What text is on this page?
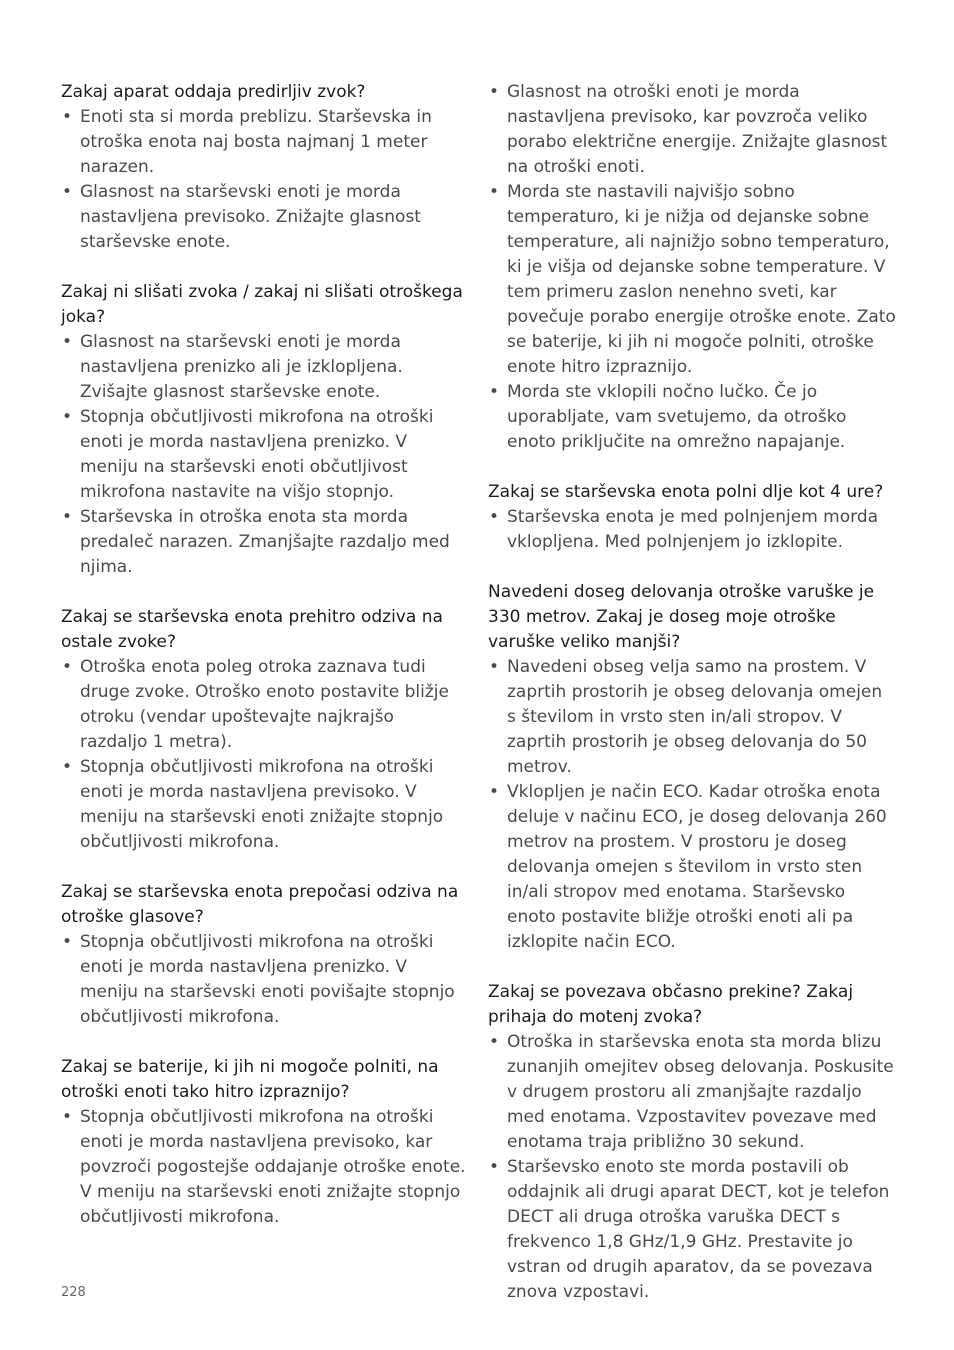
Zakaj aparat oddaja predirljiv zvok?
• Enoti sta si morda preblizu. Starševska in otroška enota naj bosta najmanj 1 meter narazen.
• Glasnost na starševski enoti je morda nastavljena previsoko. Znižajte glasnost starševske enote.
Zakaj ni slišati zvoka / zakaj ni slišati otroškega joka?
• Glasnost na starševski enoti je morda nastavljena prenizko ali je izklopljena. Zvišajte glasnost starševske enote.
• Stopnja občutljivosti mikrofona na otroški enoti je morda nastavljena prenizko. V meniju na starševski enoti občutljivost mikrofona nastavite na višjo stopnjo.
• Starševska in otroška enota sta morda predaleč narazen. Zmanjšajte razdaljo med njima.
Zakaj se starševska enota prehitro odziva na ostale zvoke?
• Otroška enota poleg otroka zaznava tudi druge zvoke. Otroško enoto postavite bližje otroku (vendar upoštevajte najkrajšo razdaljo 1 metra).
• Stopnja občutljivosti mikrofona na otroški enoti je morda nastavljena previsoko. V meniju na starševski enoti znižajte stopnjo občutljivosti mikrofona.
Zakaj se starševska enota prepočasi odziva na otroške glasove?
• Stopnja občutljivosti mikrofona na otroški enoti je morda nastavljena prenizko. V meniju na starševski enoti povišajte stopnjo občutljivosti mikrofona.
Zakaj se baterije, ki jih ni mogoče polniti, na otroški enoti tako hitro izpraznijo?
• Stopnja občutljivosti mikrofona na otroški enoti je morda nastavljena previsoko, kar povzroči pogostejše oddajanje otroške enote. V meniju na starševski enoti znižajte stopnjo občutljivosti mikrofona.
• Glasnost na otroški enoti je morda nastavljena previsoko, kar povzroča veliko porabo električne energije. Znižajte glasnost na otroški enoti.
• Morda ste nastavili najvišjo sobno temperaturo, ki je nižja od dejanske sobne temperature, ali najnižjo sobno temperaturo, ki je višja od dejanske sobne temperature. V tem primeru zaslon nenehno sveti, kar povečuje porabo energije otroške enote. Zato se baterije, ki jih ni mogoče polniti, otroške enote hitro izpraznijo.
• Morda ste vklopili nočno lučko. Če jo uporabljate, vam svetujemo, da otroško enoto priključite na omrežno napajanje.
Zakaj se starševska enota polni dlje kot 4 ure?
• Starševska enota je med polnjenjem morda vklopljena. Med polnjenjem jo izklopite.
Navedeni doseg delovanja otroške varuške je 330 metrov. Zakaj je doseg moje otroške varuške veliko manjši?
• Navedeni obseg velja samo na prostem. V zaprtih prostorih je obseg delovanja omejen s številom in vrsto sten in/ali stropov. V zaprtih prostorih je obseg delovanja do 50 metrov.
• Vklopljen je način ECO. Kadar otroška enota deluje v načinu ECO, je doseg delovanja 260 metrov na prostem. V prostoru je doseg delovanja omejen s številom in vrsto sten in/ali stropov med enotama. Starševsko enoto postavite bližje otroški enoti ali pa izklopite način ECO.
Zakaj se povezava občasno prekine? Zakaj prihaja do motenj zvoka?
• Otroška in starševska enota sta morda blizu zunanjih omejitev obseg delovanja. Poskusite v drugem prostoru ali zmanjšajte razdaljo med enotama. Vzpostavitev povezave med enotama traja približno 30 sekund.
• Starševsko enoto ste morda postavili ob oddajnik ali drugi aparat DECT, kot je telefon DECT ali druga otroška varuška DECT s frekvenco 1,8 GHz/1,9 GHz. Prestavite jo vstran od drugih aparatov, da se povezava znova vzpostavi.
228
